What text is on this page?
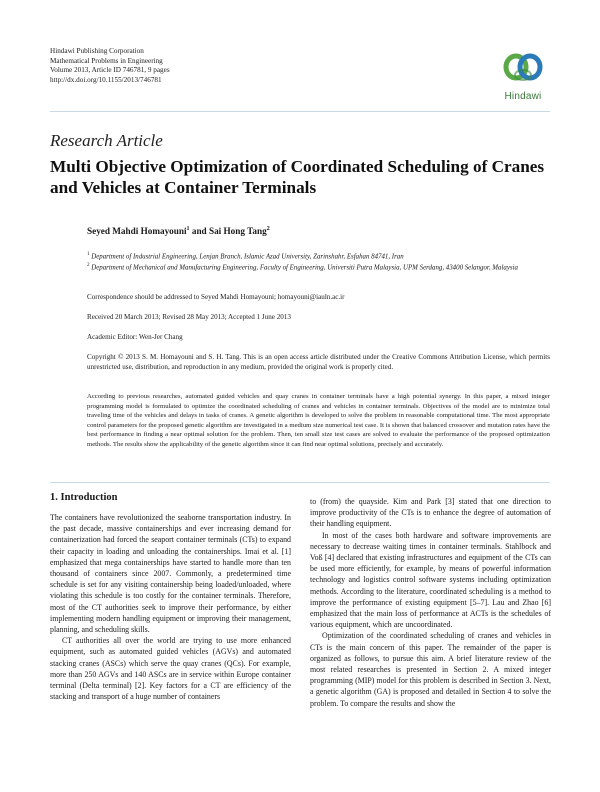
Hindawi Publishing Corporation
Mathematical Problems in Engineering
Volume 2013, Article ID 746781, 9 pages
http://dx.doi.org/10.1155/2013/746781
Hindawi
Research Article
Multi Objective Optimization of Coordinated Scheduling of Cranes and Vehicles at Container Terminals
Seyed Mahdi Homayouni$^1$ and Sai Hong Tang$^2$
$^1$ Department of Industrial Engineering, Lenjan Branch, Islamic Azad University, Zarinshahr, Esfahan 84741, Iran
$^2$ Department of Mechanical and Manufacturing Engineering, Faculty of Engineering, Universiti Putra Malaysia, UPM Serdang, 43400 Selangor, Malaysia
Correspondence should be addressed to Seyed Mahdi Homayouni; homayouni@iauln.ac.ir
Received 20 March 2013; Revised 28 May 2013; Accepted 1 June 2013
Academic Editor: Wen-Jer Chang
Copyright © 2013 S. M. Homayouni and S. H. Tang. This is an open access article distributed under the Creative Commons Attribution License, which permits unrestricted use, distribution, and reproduction in any medium, provided the original work is properly cited.
According to previous researches, automated guided vehicles and quay cranes in container terminals have a high potential synergy. In this paper, a mixed integer programming model is formulated to optimize the coordinated scheduling of cranes and vehicles in container terminals. Objectives of the model are to minimize total traveling time of the vehicles and delays in tasks of cranes. A genetic algorithm is developed to solve the problem in reasonable computational time. The most appropriate control parameters for the proposed genetic algorithm are investigated in a medium size numerical test case. It is shown that balanced crossover and mutation rates have the best performance in finding a near optimal solution for the problem. Then, ten small size test cases are solved to evaluate the performance of the proposed optimization methods. The results show the applicability of the genetic algorithm since it can find near optimal solutions, precisely and accurately.
1. Introduction

The containers have revolutionized the seaborne transportation industry. In the past decade, massive containerships and ever increasing demand for containerization had forced the seaport container terminals (CTs) to expand their capacity in loading and unloading the containerships. Imai et al. [1] emphasized that mega containerships have started to handle more than ten thousand of containers since 2007. Commonly, a predetermined time schedule is set for any visiting containership being loaded/unloaded, where violating this schedule is too costly for the container terminals. Therefore, most of the CT authorities seek to improve their performance, by either implementing modern handling equipment or improving their management, planning, and scheduling skills.

CT authorities all over the world are trying to use more enhanced equipment, such as automated guided vehicles (AGVs) and automated stacking cranes (ASCs) which serve the quay cranes (QCs). For example, more than 250 AGVs and 140 ASCs are in service within Europe container terminal (Delta terminal) [2]. Key factors for a CT are efficiency of the stacking and transport of a huge number of containers

to (from) the quayside. Kim and Park [3] stated that one direction to improve productivity of the CTs is to enhance the degree of automation of their handling equipment.

In most of the cases both hardware and software improvements are necessary to decrease waiting times in container terminals. Stahlbock and Voß [4] declared that existing infrastructures and equipment of the CTs can be used more efficiently, for example, by means of powerful information technology and logistics control software systems including optimization methods. According to the literature, coordinated scheduling is a method to improve the performance of existing equipment [5–7]. Lau and Zhao [6] emphasized that the main loss of performance at ACTs is the schedules of various equipment, which are uncoordinated.

Optimization of the coordinated scheduling of cranes and vehicles in CTs is the main concern of this paper. The remainder of the paper is organized as follows, to pursue this aim. A brief literature review of the most related researches is presented in Section 2. A mixed integer programming (MIP) model for this problem is described in Section 3. Next, a genetic algorithm (GA) is proposed and detailed in Section 4 to solve the problem. To compare the results and show the
